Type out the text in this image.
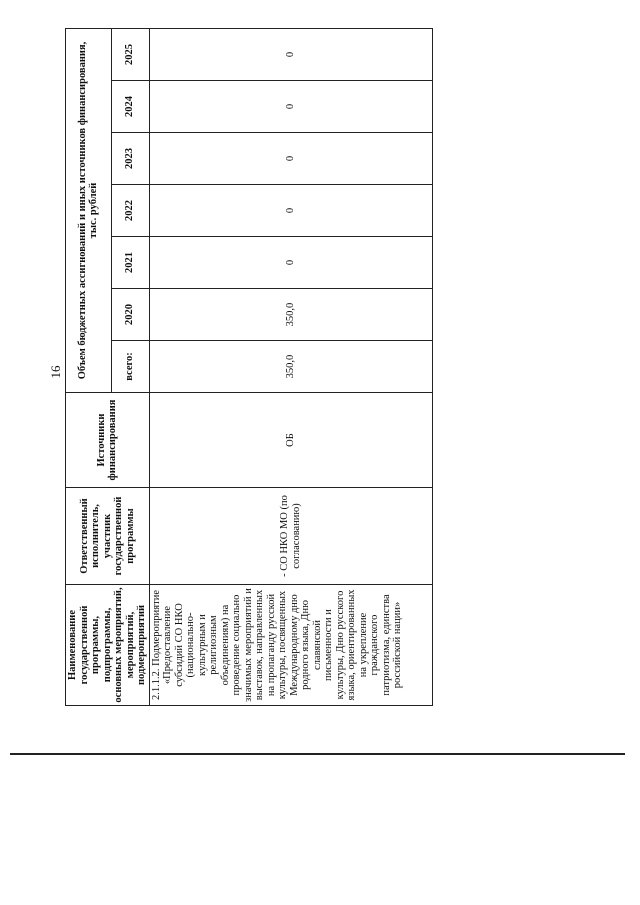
16
Наименование государственной программы, подпрограммы, основных мероприятий, мероприятий, подмероприятий	Ответственный исполнитель, участник государственной программы	Источники финансирования	Объем бюджетных ассигнований и иных источников финансирования, тыс. рублей						
			всего:	2020	2021	2022	2023	2024	2025
2.1.1.2. Подмероприятие «Предоставление субсидий СО НКО (национально-культурным и религиозным объединениям) на проведение социально значимых мероприятий и выставок, направленных на пропаганду русской культуры, посвященных Международному дню родного языка, Дню славянской письменности и культуры, Дню русского языка, ориентированных на укрепление гражданского патриотизма, единства российской нации»	- СО НКО МО (по согласованию)	ОБ	350,0	350,0	0	0	0	0	0
